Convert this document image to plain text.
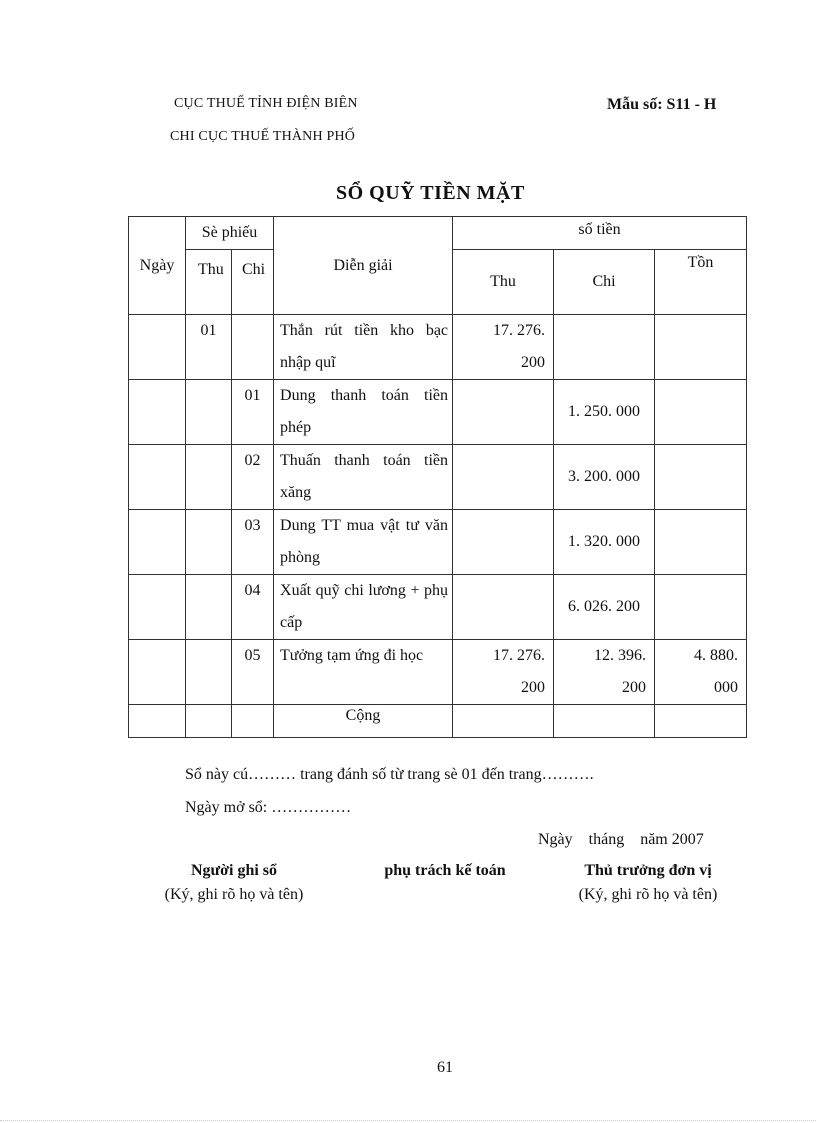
CỤC THUẾ TỈNH ĐIỆN BIÊN
CHI CỤC THUẾ THÀNH PHỐ
Mẫu số: S11 - H
SỔ QUỸ TIỀN MẶT
Ngày	Sè phiếu		Diễn giải	số tiền		
	Thu	Chi		Thu	Chi	Tồn
	01		Thắn rút tiền kho bạc nhập quĩ	17. 276. 200		
		01	Dung thanh toán tiền phép		1. 250. 000	
		02	Thuấn thanh toán tiền xăng		3. 200. 000	
		03	Dung TT mua vật tư văn phòng		1. 320. 000	
		04	Xuất quỹ chi lương + phụ cấp		6. 026. 200	
		05	Tưởng tạm ứng đi học	17. 276. 200	12. 396. 200	4. 880. 000
			Cộng			
Sổ này cú……… trang đánh số từ trang sè 01 đến trang……….
Ngày mở sổ: ……………
Ngày    tháng    năm 2007
Người ghi sổ
(Ký, ghi rõ họ và tên)
phụ trách kế toán	Thủ trưởng đơn vị
(Ký, ghi rõ họ và tên)
61
